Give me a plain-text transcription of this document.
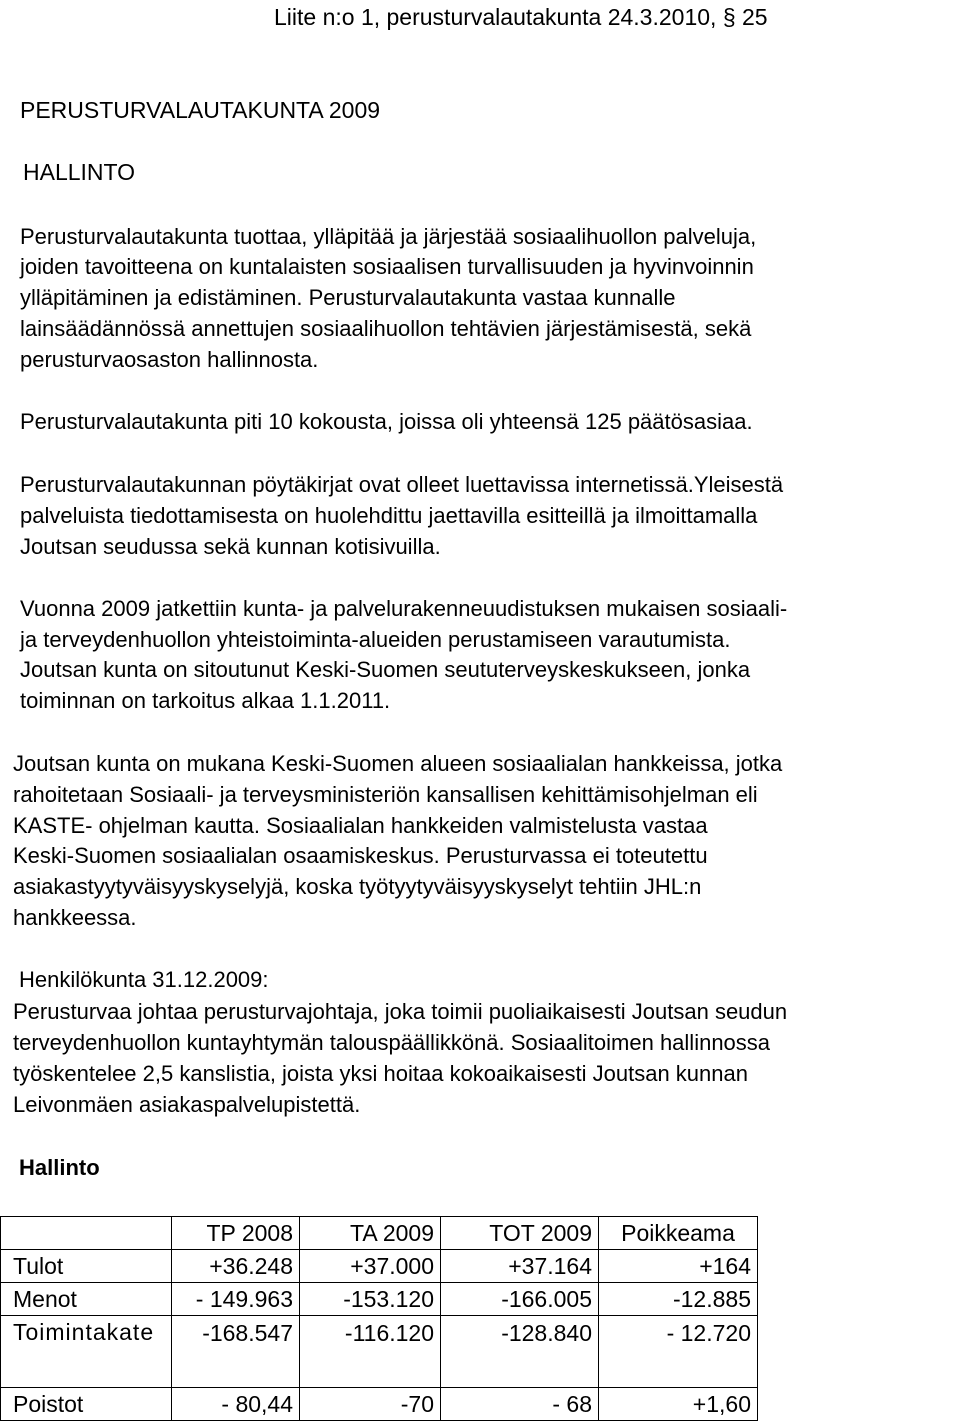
Liite n:o 1, perusturvalautakunta 24.3.2010, § 25
PERUSTURVALAUTAKUNTA 2009
HALLINTO
Perusturvalautakunta tuottaa, ylläpitää ja järjestää sosiaalihuollon palveluja,
joiden tavoitteena on kuntalaisten sosiaalisen turvallisuuden ja hyvinvoinnin
ylläpitäminen ja edistäminen. Perusturvalautakunta vastaa kunnalle
lainsäädännössä annettujen sosiaalihuollon tehtävien järjestämisestä, sekä
perusturvaosaston hallinnosta.
Perusturvalautakunta piti 10 kokousta, joissa oli yhteensä 125 päätösasiaa.
Perusturvalautakunnan pöytäkirjat ovat olleet luettavissa internetissä.Yleisestä
palveluista tiedottamisesta on huolehdittu jaettavilla esitteillä ja ilmoittamalla
Joutsan seudussa sekä kunnan kotisivuilla.
Vuonna 2009 jatkettiin kunta- ja palvelurakenneuudistuksen mukaisen sosiaali-
ja terveydenhuollon yhteistoiminta-alueiden perustamiseen varautumista.
Joutsan kunta on sitoutunut Keski-Suomen seututerveyskeskukseen, jonka
toiminnan on tarkoitus alkaa 1.1.2011.
Joutsan kunta on mukana Keski-Suomen alueen sosiaalialan hankkeissa, jotka
rahoitetaan Sosiaali- ja terveysministeriön kansallisen kehittämisohjelman eli
KASTE- ohjelman kautta. Sosiaalialan hankkeiden valmistelusta vastaa
Keski-Suomen sosiaalialan osaamiskeskus. Perusturvassa ei toteutettu
asiakastyytyväisyyskyselyjä, koska työtyytyväisyyskyselyt tehtiin JHL:n
hankkeessa.
Henkilökunta 31.12.2009:
Perusturvaa johtaa perusturvajohtaja, joka toimii puoliaikaisesti Joutsan seudun
terveydenhuollon kuntayhtymän talouspäällikkönä. Sosiaalitoimen hallinnossa
työskentelee 2,5 kanslistia, joista yksi hoitaa kokoaikaisesti Joutsan kunnan
Leivonmäen asiakaspalvelupistettä.
Hallinto
	TP 2008	TA 2009	TOT 2009	Poikkeama
Tulot	+36.248	+37.000	+37.164	+164
Menot	- 149.963	-153.120	-166.005	-12.885
Toimintakate	-168.547	-116.120	-128.840	- 12.720
Poistot	- 80,44	-70	- 68	+1,60
